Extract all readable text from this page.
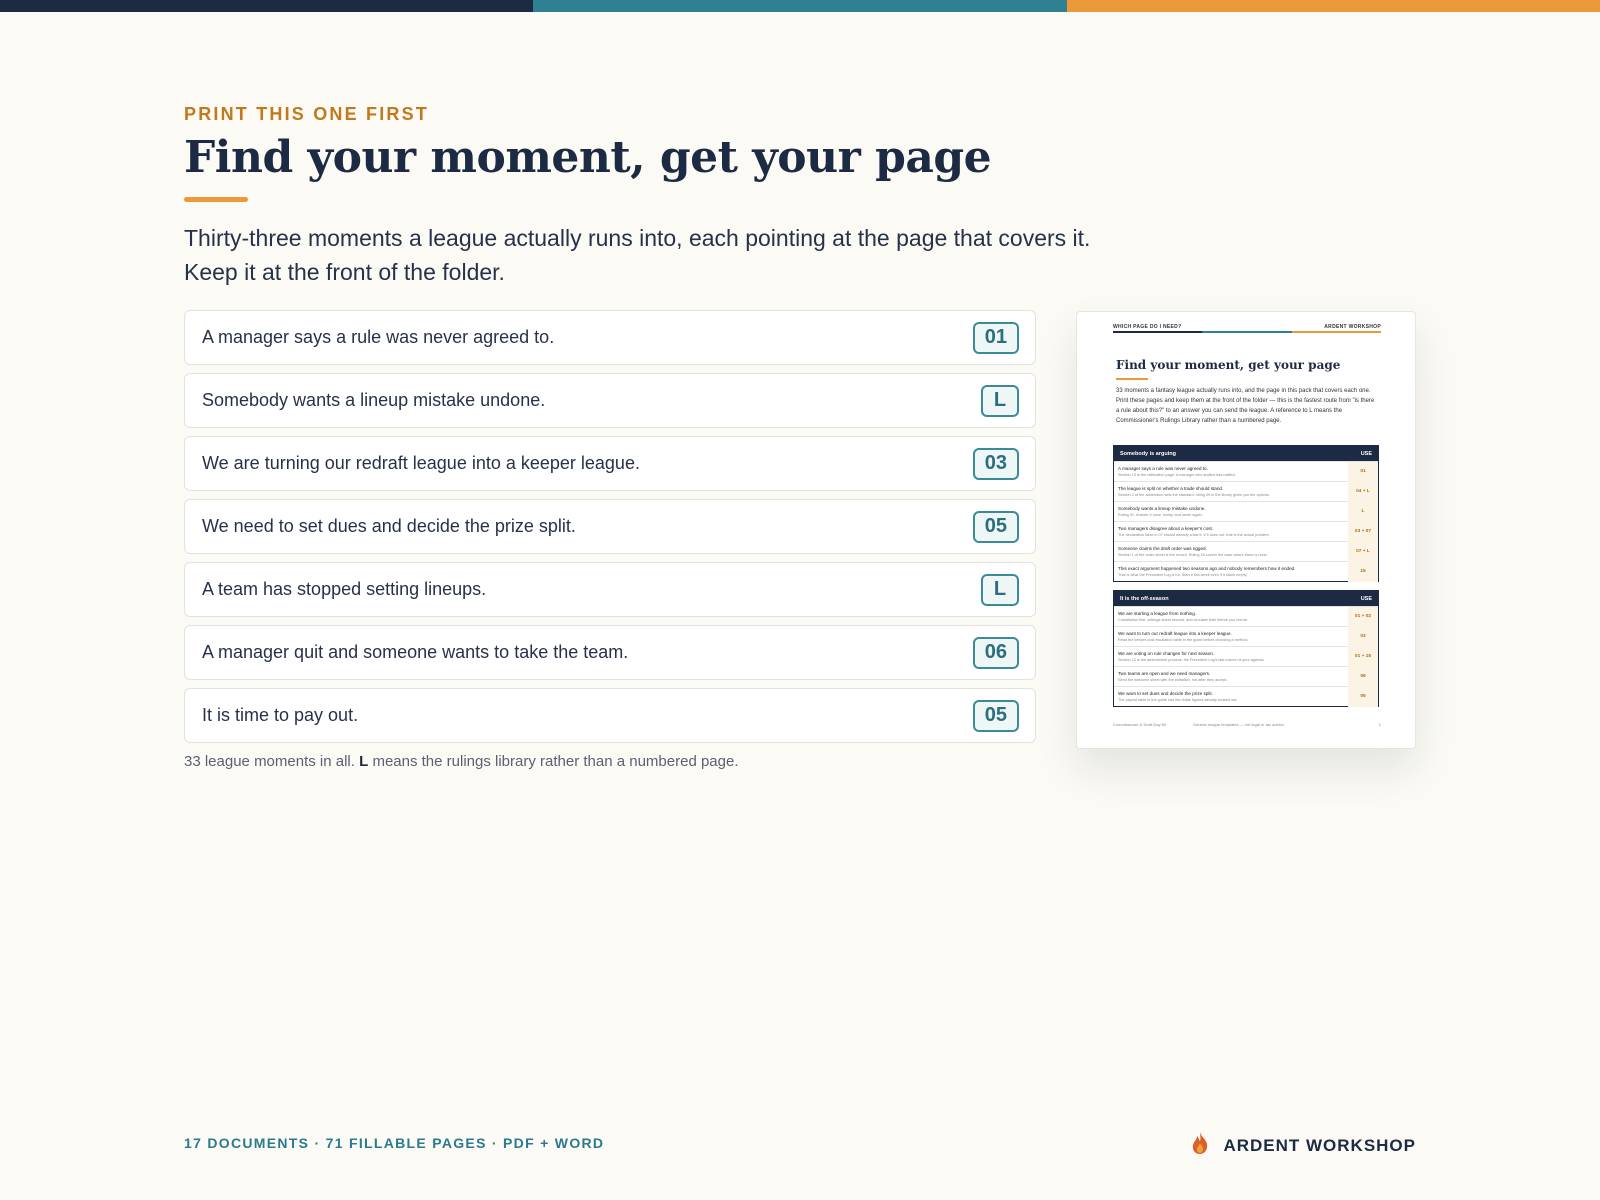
PRINT THIS ONE FIRST
Find your moment, get your page

Thirty-three moments a league actually runs into, each pointing at the page that covers it.
Keep it at the front of the folder.

A manager says a rule was never agreed to.	01
Somebody wants a lineup mistake undone.	L
We are turning our redraft league into a keeper league.	03
We need to set dues and decide the prize split.	05
A team has stopped setting lineups.	L
A manager quit and someone wants to take the team.	06
It is time to pay out.	05

33 league moments in all. L means the rulings library rather than a numbered page.

WHICH PAGE DO I NEED?	ARDENT WORKSHOP
Find your moment, get your page
33 moments a fantasy league actually runs into, and the page in this pack that covers each one. Print these pages and keep them at the front of the folder — this is the fastest route from "is there a rule about this?" to an answer you can send the league. A reference to L means the Commissioner's Rulings Library rather than a numbered page.
Somebody is arguing	USE
A manager says a rule was never agreed to.
Section 13 is the ratification page. A manager who drafted has ratified.
01
The league is split on whether a trade should stand.
Section 2 of the addendum sets the standard; ruling 09 in the library gives you the options.
04 + L
Somebody wants a lineup mistake undone.
Ruling 01. Answer it once, kindly, and never again.
L
Two managers disagree about a keeper's cost.
The declaration table in 07 should already show it. If it does not, that is the actual problem.
03 + 07
Someone claims the draft order was rigged.
Section 1 of the order sheet is the record. Ruling 16 covers the case where there is none.
07 + L
This exact argument happened two seasons ago and nobody remembers how it ended.
That is what the Precedent Log is for. Start it this week even if it starts empty.
15
It is the off-season	USE
We are starting a league from nothing.
Constitution first, settings sheet second, and circulate both before you recruit.
01 + 02
We want to turn our redraft league into a keeper league.
Read the keeper-cost escalation table in the guide before choosing a method.
03
We are voting on rule changes for next season.
Section 12 is the amendment process; the Precedent Log's last column is your agenda.
01 + 15
Two teams are open and we need managers.
Send the welcome sheet with the invitation, not after they accept.
06
We want to set dues and decide the prize split.
The payout table in the guide has the dollar figures already worked out.
05
Commissioner & Draft-Day Kit	Generic league templates — not legal or tax advice.	1
17 DOCUMENTS · 71 FILLABLE PAGES · PDF + WORD	ARDENT WORKSHOP
